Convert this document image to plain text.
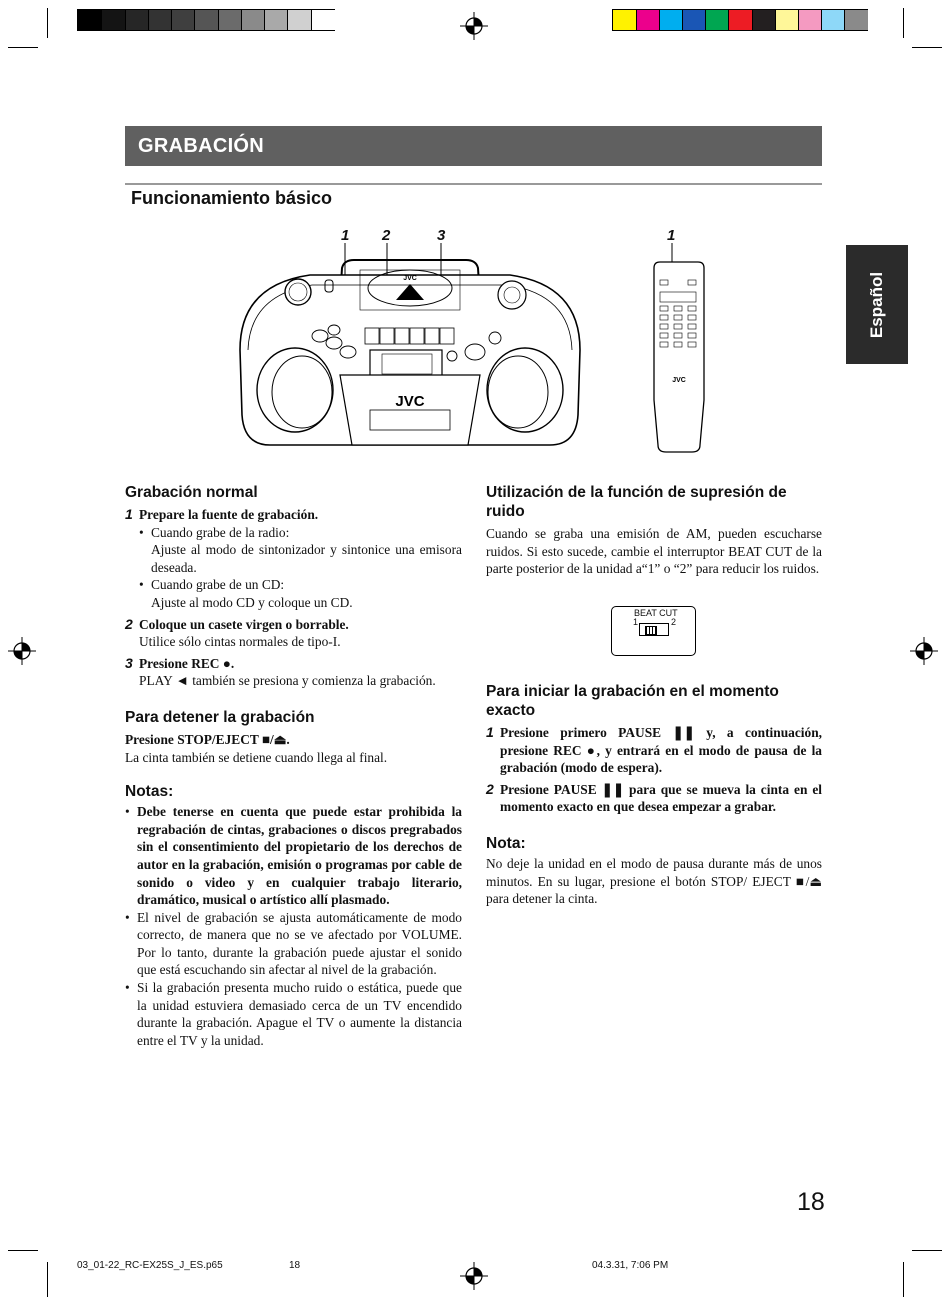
GRABACIÓN
Funcionamiento básico
Español
1 2	3	1
JVC
JVC
JVC
Grabación normal
1 Prepare la fuente de grabación.
• Cuando grabe de la radio:
Ajuste al modo de sintonizador y sintonice una emisora deseada.
• Cuando grabe de un CD:
Ajuste al modo CD y coloque un CD.
2 Coloque un casete virgen o borrable.
Utilice sólo cintas normales de tipo-I.
3 Presione REC ●.
PLAY ◄ también se presiona y comienza la grabación.
Para detener la grabación
Presione STOP/EJECT ■/⏏.
La cinta también se detiene cuando llega al final.
Notas:
• Debe tenerse en cuenta que puede estar prohibida la regrabación de cintas, grabaciones o discos pregrabados sin el consentimiento del propietario de los derechos de autor en la grabación, emisión o programas por cable de sonido o video y en cualquier trabajo literario, dramático, musical o artístico allí plasmado.
• El nivel de grabación se ajusta automáticamente de modo correcto, de manera que no se ve afectado por VOLUME. Por lo tanto, durante la grabación puede ajustar el sonido que está escuchando sin afectar al nivel de la grabación.
• Si la grabación presenta mucho ruido o estática, puede que la unidad estuviera demasiado cerca de un TV encendido durante la grabación. Apague el TV o aumente la distancia entre el TV y la unidad.
Utilización de la función de supresión de ruido
Cuando se graba una emisión de AM, pueden escucharse ruidos. Si esto sucede, cambie el interruptor BEAT CUT de la parte posterior de la unidad a“1” o “2” para reducir los ruidos.
BEAT CUT
1	2
Para iniciar la grabación en el momento exacto
1 Presione primero PAUSE ❚❚ y, a continuación, presione REC ●, y entrará en el modo de pausa de la grabación (modo de espera).
2 Presione PAUSE ❚❚ para que se mueva la cinta en el momento exacto en que desea empezar a grabar.
Nota:
No deje la unidad en el modo de pausa durante más de unos minutos. En su lugar, presione el botón STOP/ EJECT ■/⏏ para detener la cinta.
18
03_01-22_RC-EX25S_J_ES.p65	18	04.3.31, 7:06 PM
